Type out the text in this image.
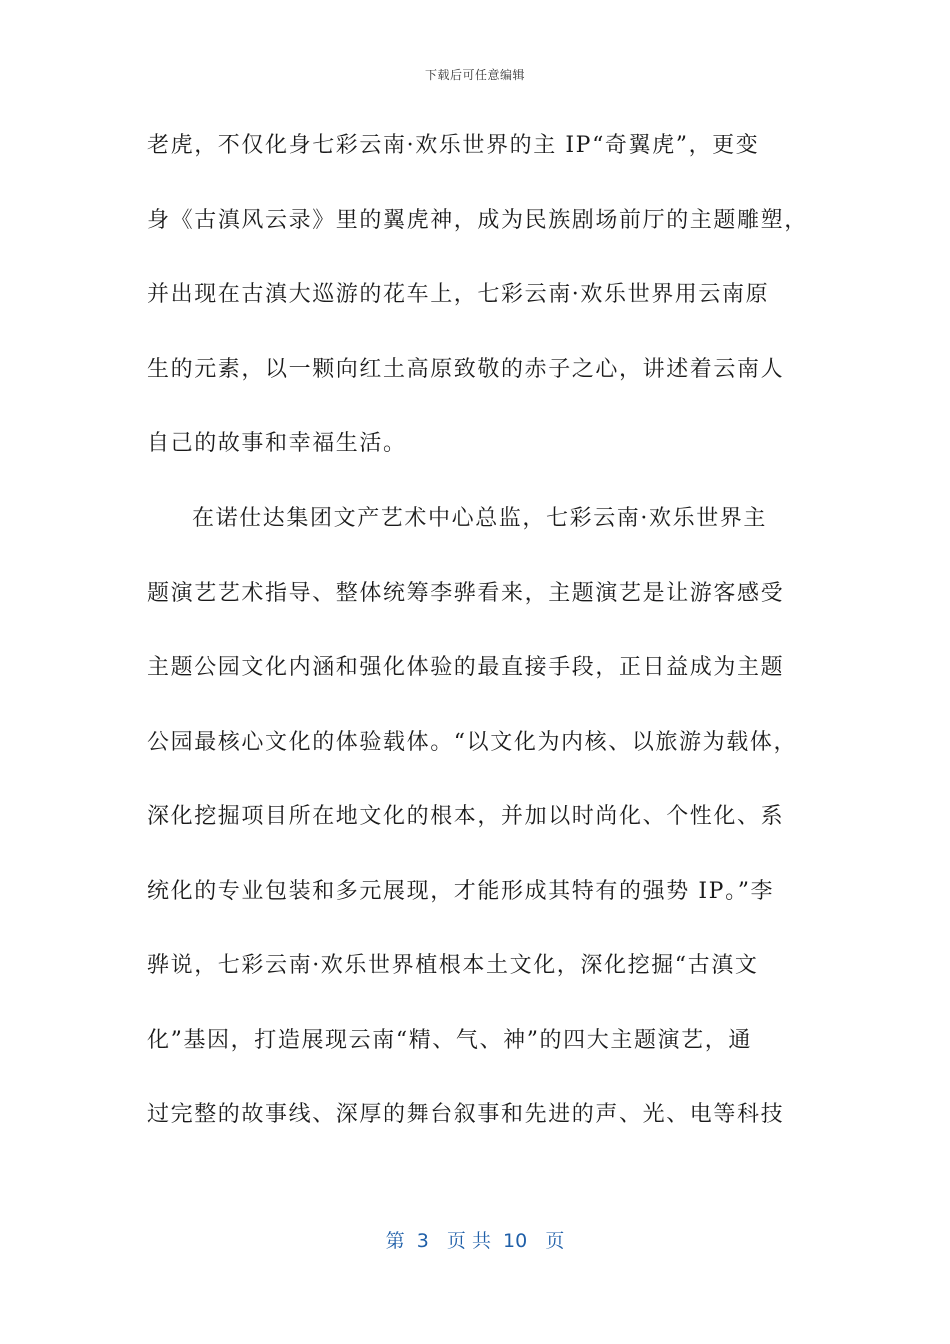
下载后可任意编辑
老虎，不仅化身七彩云南·欢乐世界的主 IP“奇翼虎”，更变
身《古滇风云录》里的翼虎神，成为民族剧场前厅的主题雕塑，
并出现在古滇大巡游的花车上，七彩云南·欢乐世界用云南原
生的元素，以一颗向红土高原致敬的赤子之心，讲述着云南人
自己的故事和幸福生活。
在诺仕达集团文产艺术中心总监，七彩云南·欢乐世界主
题演艺艺术指导、整体统筹李骅看来，主题演艺是让游客感受
主题公园文化内涵和强化体验的最直接手段，正日益成为主题
公园最核心文化的体验载体。“以文化为内核、以旅游为载体，
深化挖掘项目所在地文化的根本，并加以时尚化、个性化、系
统化的专业包装和多元展现，才能形成其特有的强势 IP。”李
骅说，七彩云南·欢乐世界植根本土文化，深化挖掘“古滇文
化”基因，打造展现云南“精、气、神”的四大主题演艺，通
过完整的故事线、深厚的舞台叙事和先进的声、光、电等科技
第  3   页 共  10   页
